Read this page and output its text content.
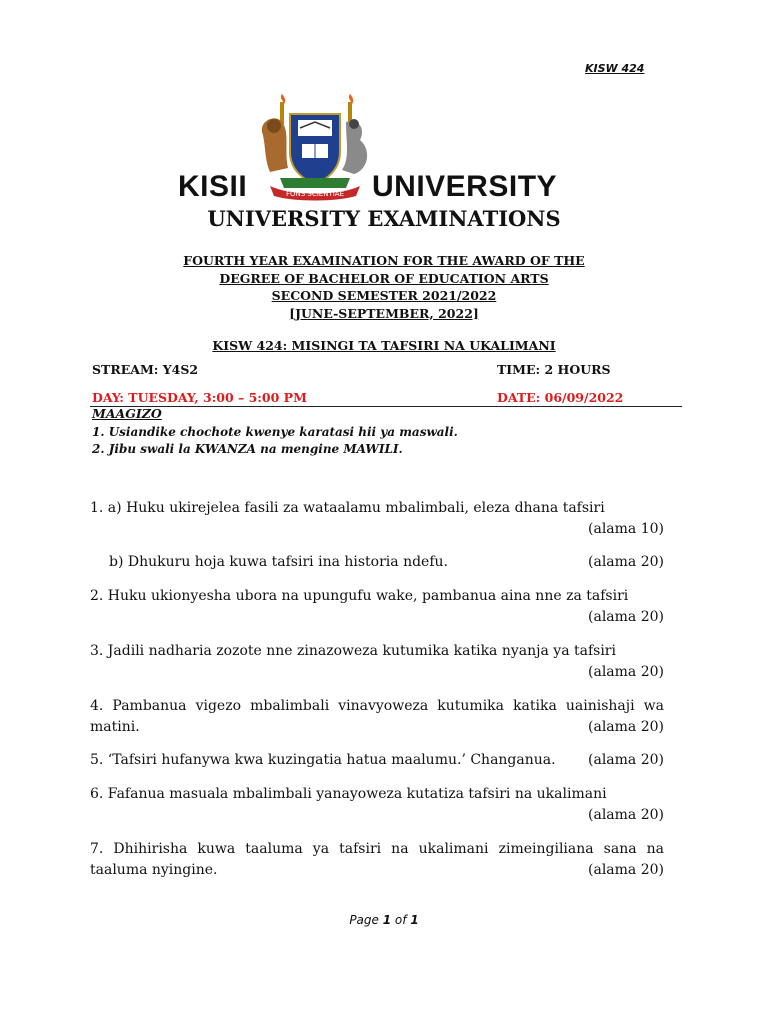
KISW 424
FONS SCIENTIAE
KISII	UNIVERSITY
UNIVERSITY EXAMINATIONS
FOURTH YEAR EXAMINATION FOR THE AWARD OF THE
DEGREE OF BACHELOR OF EDUCATION ARTS
SECOND SEMESTER 2021/2022
[JUNE-SEPTEMBER, 2022]
KISW 424: MISINGI TA TAFSIRI NA UKALIMANI
STREAM: Y4S2	TIME: 2 HOURS
DAY: TUESDAY, 3:00 – 5:00 PM	DATE: 06/09/2022
MAAGIZO
1. Usiandike chochote kwenye karatasi hii ya maswali.
2. Jibu swali la KWANZA na mengine MAWILI.
1. a) Huku ukirejelea fasili za wataalamu mbalimbali, eleza dhana tafsiri
(alama 10)
b) Dhukuru hoja kuwa tafsiri ina historia ndefu.	(alama 20)
2. Huku ukionyesha ubora na upungufu wake, pambanua aina nne za tafsiri
(alama 20)
3. Jadili nadharia zozote nne zinazoweza kutumika katika nyanja ya tafsiri
(alama 20)
4. Pambanua vigezo mbalimbali vinavyoweza kutumika katika uainishaji wa
matini.	(alama 20)
5. ‘Tafsiri hufanywa kwa kuzingatia hatua maalumu.’ Changanua. (alama 20)
6. Fafanua masuala mbalimbali yanayoweza kutatiza tafsiri na ukalimani
(alama 20)
7. Dhihirisha kuwa taaluma ya tafsiri na ukalimani zimeingiliana sana na
taaluma nyingine.	(alama 20)
Page 1 of 1
